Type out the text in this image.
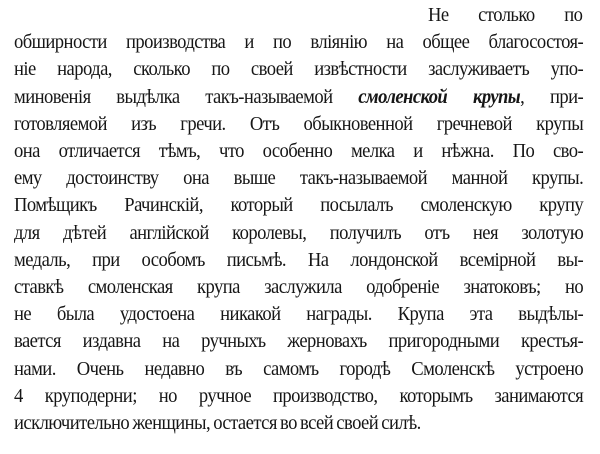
Не столько по
обширности производства и по вліянію на общее благосостоя-
ніе народа, сколько по своей извѣстности заслуживаетъ упо-
миновенія выдѣлка такъ-называемой смоленской крупы, при-
готовляемой изъ гречи. Отъ обыкновенной гречневой крупы
она отличается тѣмъ, что особенно мелка и нѣжна. По сво-
ему достоинству она выше такъ-называемой манной крупы.
Помѣщикъ Рачинскій, который посылалъ смоленскую крупу
для дѣтей англійской королевы, получилъ отъ нея золотую
медаль, при особомъ письмѣ. На лондонской всемірной вы-
ставкѣ смоленская крупа заслужила одобреніе знатоковъ; но
не была удостоена никакой награды. Крупа эта выдѣлы-
вается издавна на ручныхъ жерновахъ пригородными крестья-
нами. Очень недавно въ самомъ городѣ Смоленскѣ устроено
4 круподерни; но ручное производство, которымъ занимаются
исключительно женщины, остается во всей своей силѣ.
